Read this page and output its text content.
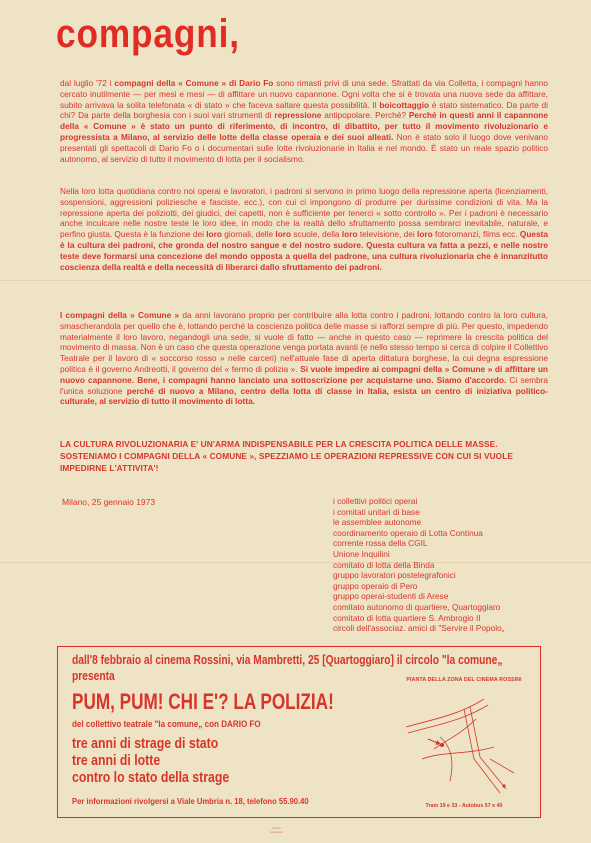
compagni,
dal luglio '72 i compagni della « Comune » di Dario Fo sono rimasti privi di una sede. Sfrattati da via Colletta, i compagni hanno cercato inutilmente — per mesi e mesi — di affittare un nuovo capannone. Ogni volta che si è trovata una nuova sede da affittare, subito arrivava la solita telefonata « di stato » che faceva saltare questa possibilità. Il boicottaggio è stato sistematico. Da parte di chi? Da parte della borghesia con i suoi vari strumenti di repressione antipopolare. Perché? Perché in questi anni il capannone della « Comune » è stato un punto di riferimento, di incontro, di dibattito, per tutto il movimento rivoluzionario e progressista a Milano, al servizio delle lotte della classe operaia e dei suoi alleati. Non è stato solo il luogo dove venivano presentati gli spettacoli di Dario Fo o i documentari sulle lotte rivoluzionarie in Italia e nel mondo. È stato un reale spazio politico autonomo, al servizio di tutto il movimento di lotta per il socialismo.
Nella loro lotta quotidiana contro noi operai e lavoratori, i padroni si servono in primo luogo della repressione aperta (licenziamenti, sospensioni, aggressioni poliziesche e fasciste, ecc.), con cui ci impongono di produrre per durissime condizioni di vita. Ma la repressione aperta dei poliziotti, dei giudici, dei capetti, non è sufficiente per tenerci « sotto controllo ». Per i padroni è necessario anche inculcare nelle nostre teste le loro idee, in modo che la realtà dello sfruttamento possa sembrarci inevitabile, naturale, e perfino giusta. Questa è la funzione dei loro giornali, delle loro scuole, della loro televisione, dei loro fotoromanzi, films ecc. Questa è la cultura dei padroni, che gronda del nostro sangue e del nostro sudore. Questa cultura va fatta a pezzi, e nelle nostre teste deve formarsi una concezione del mondo opposta a quella del padrone, una cultura rivoluzionaria che è innanzitutto coscienza della realtà e della necessità di liberarci dallo sfruttamento dei padroni.
I compagni della » Comune » da anni lavorano proprio per contribuire alla lotta contro i padroni, lottando contro la loro cultura, smascherandola per quello che è, lottando perché la coscienza politica delle masse si rafforzi sempre di più. Per questo, impedendo materialmente il loro lavoro, negandogli una sede, si vuole di fatto — anche in questo caso — reprimere la crescita politica del movimento di massa. Non è un caso che questa operazione venga portata avanti (e nello stesso tempo si cerca di colpire il Collettivo Teatrale per il lavoro di « soccorso rosso » nelle carceri) nell'attuale fase di aperta dittatura borghese, la cui degna espressione politica è il governo Andreotti, il governo del « fermo di polizia ». Si vuole impedire ai compagni della » Comune » di affittare un nuovo capannone. Bene, i compagni hanno lanciato una sottoscrizione per acquistarne uno. Siamo d'accordo. Ci sembra l'unica soluzione perché di nuovo a Milano, centro della lotta di classe in Italia, esista un centro di iniziativa politico-culturale, al servizio di tutto il movimento di lotta.
LA CULTURA RIVOLUZIONARIA E' UN'ARMA INDISPENSABILE PER LA CRESCITA POLITICA DELLE MASSE. SOSTENIAMO I COMPAGNI DELLA « COMUNE », SPEZZIAMO LE OPERAZIONI REPRESSIVE CON CUI SI VUOLE IMPEDIRNE L'ATTIVITA'!
Milano, 25 gennaio 1973	i collettivi politici operai
i comitati unitari di base
le assemblee autonome
coordinamento operaio di Lotta Continua
corrente rossa della CGIL
Unione Inquilini
comitato di lotta della Binda
gruppo lavoratori postelegrafonici
gruppo operaio di Pero
gruppo operai-studenti di Arese
comitato autonomo di quartiere, Quartoggiaro
comitato di lotta quartiere S. Ambrogio II
circoli dell'associaz. amici di "Servire il Popolo„
dall'8 febbraio al cinema Rossini, via Mambretti, 25 [Quartoggiaro] il circolo "la comune„
presenta
PUM, PUM! CHI E'? LA POLIZIA!
del collettivo teatrale "la comune„ con DARIO FO
tre anni di strage di stato
tre anni di lotte
contro lo stato della strage
Per informazioni rivolgersi a Viale Umbria n. 18, telefono 55.90.40
PIANTA DELLA ZONA DEL CINEMA ROSSINI
Tram 19 e 33 - Autobus 57 e 40
▪▪▪▪▪▪▪▪
▪▪▪▪▪▪▪▪▪▪▪▪
